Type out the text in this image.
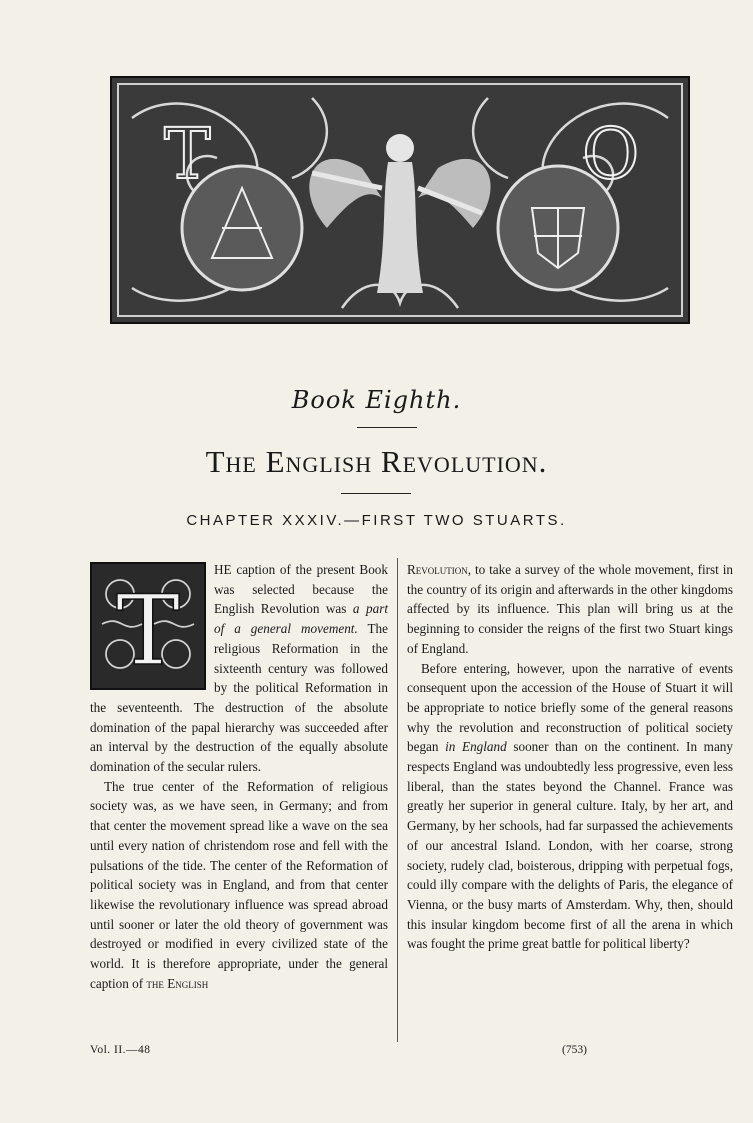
T	O
Book Eighth.
The English Revolution.
CHAPTER XXXIV.—FIRST TWO STUARTS.
T

HE caption of the present Book was selected because the English Revolution was a part of a general movement. The religious Reformation in the sixteenth century was followed by the political Reformation in the seventeenth. The destruction of the absolute domination of the papal hierarchy was succeeded after an interval by the destruction of the equally absolute domination of the secular rulers.

The true center of the Reformation of religious society was, as we have seen, in Germany; and from that center the movement spread like a wave on the sea until every nation of christendom rose and fell with the pulsations of the tide. The center of the Reformation of political society was in England, and from that center likewise the revolutionary influence was spread abroad until sooner or later the old theory of government was destroyed or modified in every civilized state of the world. It is therefore appropriate, under the general caption of the English

Revolution, to take a survey of the whole movement, first in the country of its origin and afterwards in the other kingdoms affected by its influence. This plan will bring us at the beginning to consider the reigns of the first two Stuart kings of England.

Before entering, however, upon the narrative of events consequent upon the accession of the House of Stuart it will be appropriate to notice briefly some of the general reasons why the revolution and reconstruction of political society began in England sooner than on the continent. In many respects England was undoubtedly less progressive, even less liberal, than the states beyond the Channel. France was greatly her superior in general culture. Italy, by her art, and Germany, by her schools, had far surpassed the achievements of our ancestral Island. London, with her coarse, strong society, rudely clad, boisterous, dripping with perpetual fogs, could illy compare with the delights of Paris, the elegance of Vienna, or the busy marts of Amsterdam. Why, then, should this insular kingdom become first of all the arena in which was fought the prime great battle for political liberty?

Vol. II.—48	(753)
